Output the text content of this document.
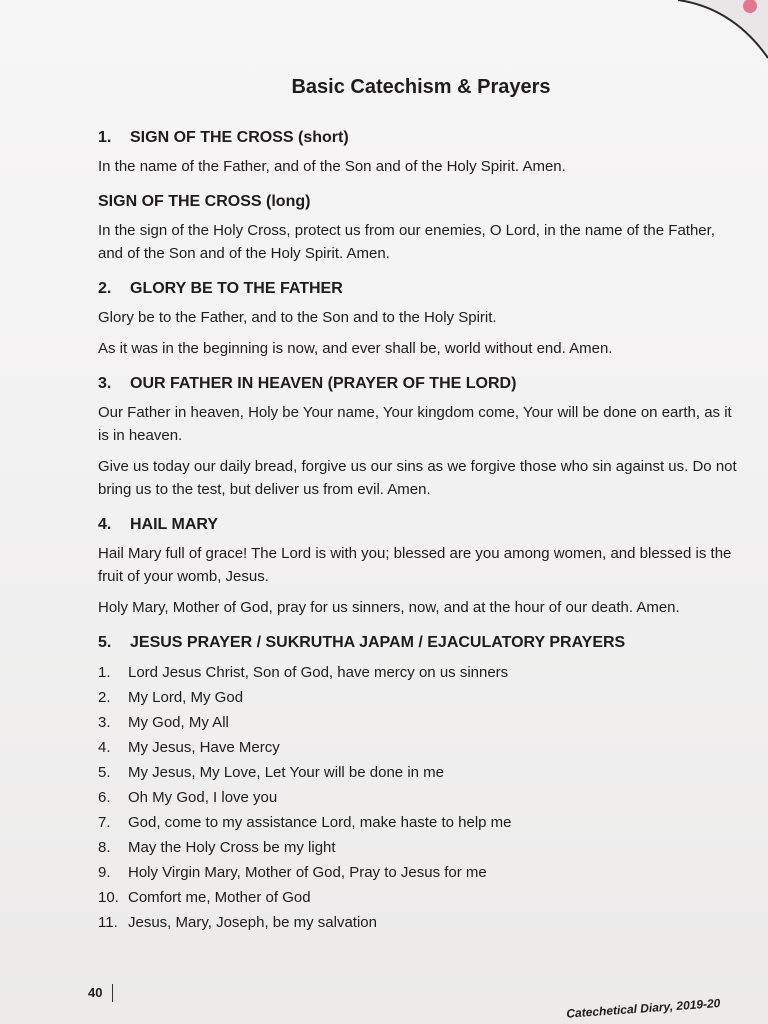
Basic Catechism & Prayers
1. SIGN OF THE CROSS (short)

In the name of the Father, and of the Son and of the Holy Spirit. Amen.

SIGN OF THE CROSS (long)

In the sign of the Holy Cross, protect us from our enemies, O Lord, in the name of the Father, and of the Son and of the Holy Spirit. Amen.

2. GLORY BE TO THE FATHER

Glory be to the Father, and to the Son and to the Holy Spirit.

As it was in the beginning is now, and ever shall be, world without end. Amen.

3. OUR FATHER IN HEAVEN (PRAYER OF THE LORD)

Our Father in heaven, Holy be Your name, Your kingdom come, Your will be done on earth, as it is in heaven.

Give us today our daily bread, forgive us our sins as we forgive those who sin against us. Do not bring us to the test, but deliver us from evil. Amen.

4. HAIL MARY

Hail Mary full of grace! The Lord is with you; blessed are you among women, and blessed is the fruit of your womb, Jesus.

Holy Mary, Mother of God, pray for us sinners, now, and at the hour of our death. Amen.

5. JESUS PRAYER / SUKRUTHA JAPAM / EJACULATORY PRAYERS
1.	Lord Jesus Christ, Son of God, have mercy on us sinners
2.	My Lord, My God
3.	My God, My All
4.	My Jesus, Have Mercy
5.	My Jesus, My Love, Let Your will be done in me
6.	Oh My God, I love you
7.	God, come to my assistance Lord, make haste to help me
8.	May the Holy Cross be my light
9.	Holy Virgin Mary, Mother of God, Pray to Jesus for me
10. Comfort me, Mother of God
11. Jesus, Mary, Joseph, be my salvation
40
Catechetical Diary, 2019-20
